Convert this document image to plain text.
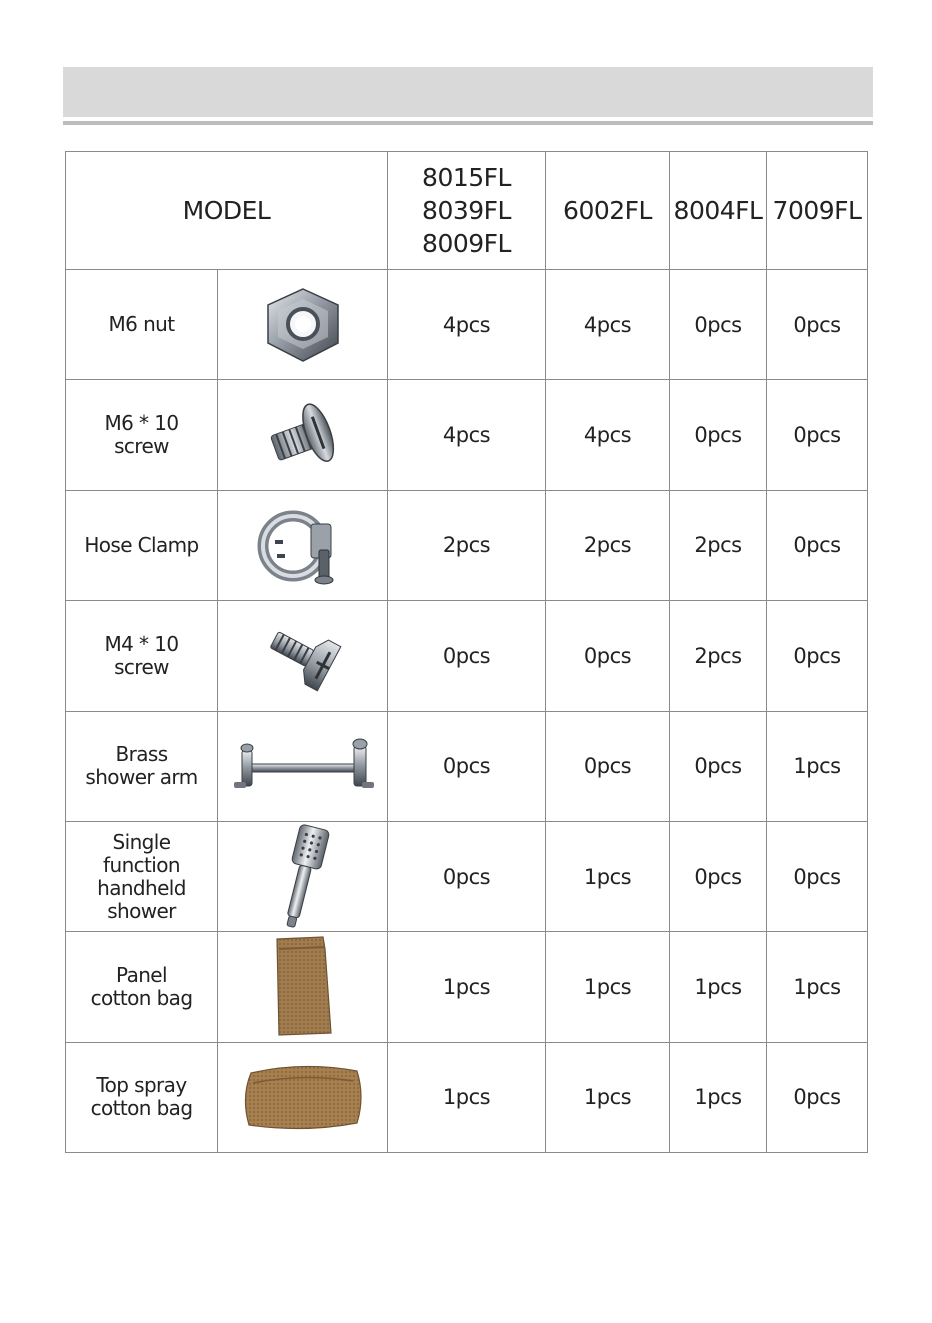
MODEL		8015FL
8039FL
8009FL	6002FL	8004FL	7009FL

M6 nut		4pcs	4pcs	0pcs	0pcs

M6 * 10
screw		4pcs	4pcs	0pcs	0pcs

Hose Clamp		2pcs	2pcs	2pcs	0pcs

M4 * 10
screw		0pcs	0pcs	2pcs	0pcs

Brass
shower arm		0pcs	0pcs	0pcs	1pcs

Single
function
handheld
shower		0pcs	1pcs	0pcs	0pcs

Panel
cotton bag		1pcs	1pcs	1pcs	1pcs

Top spray
cotton bag		1pcs	1pcs	1pcs	0pcs
